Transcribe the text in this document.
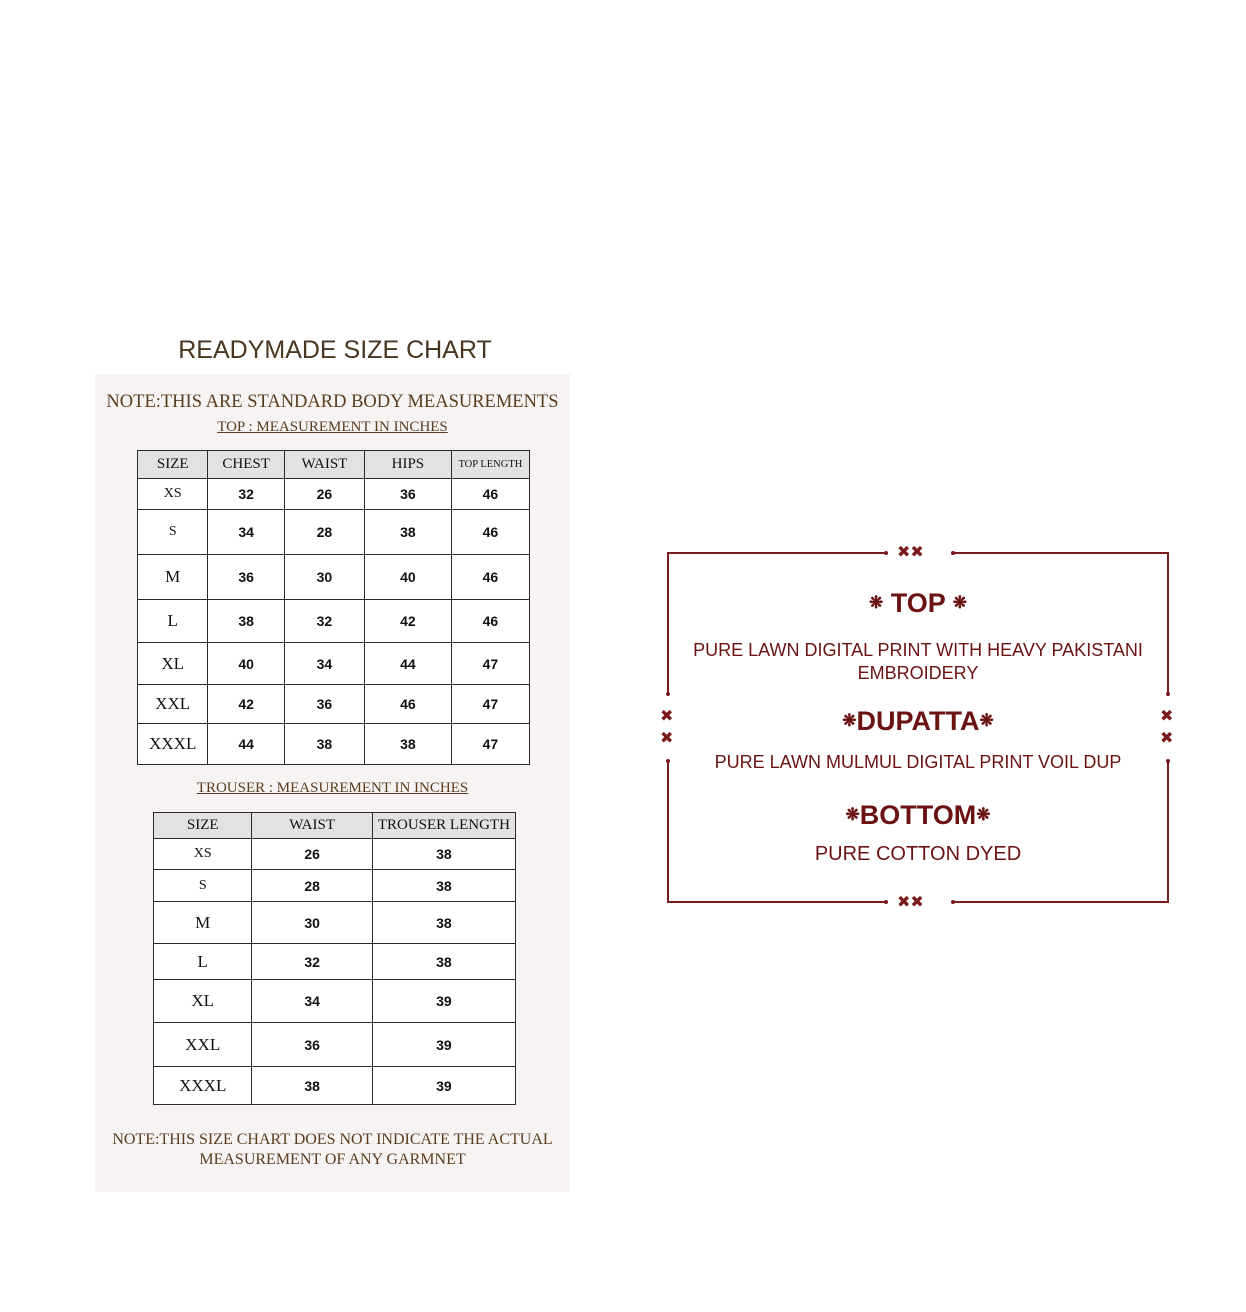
READYMADE SIZE CHART
NOTE:THIS ARE STANDARD BODY MEASUREMENTS
TOP : MEASUREMENT IN INCHES
SIZE	CHEST	WAIST	HIPS	TOP LENGTH
XS	32	26	36	46
S	34	28	38	46
M	36	30	40	46
L	38	32	42	46
XL	40	34	44	47
XXL	42	36	46	47
XXXL	44	38	38	47
TROUSER : MEASUREMENT IN INCHES
SIZE	WAIST	TROUSER LENGTH
XS	26	38
S	28	38
M	30	38
L	32	38
XL	34	39
XXL	36	39
XXXL	38	39
NOTE:THIS SIZE CHART DOES NOT INDICATE THE ACTUAL
MEASUREMENT OF ANY GARMNET
✖✖
✖✖
✖
✖
✖
✖
❋ TOP ❋
PURE LAWN DIGITAL PRINT WITH HEAVY PAKISTANI
EMBROIDERY
❋DUPATTA❋
PURE LAWN MULMUL DIGITAL PRINT VOIL DUP
❋BOTTOM❋
PURE COTTON DYED
